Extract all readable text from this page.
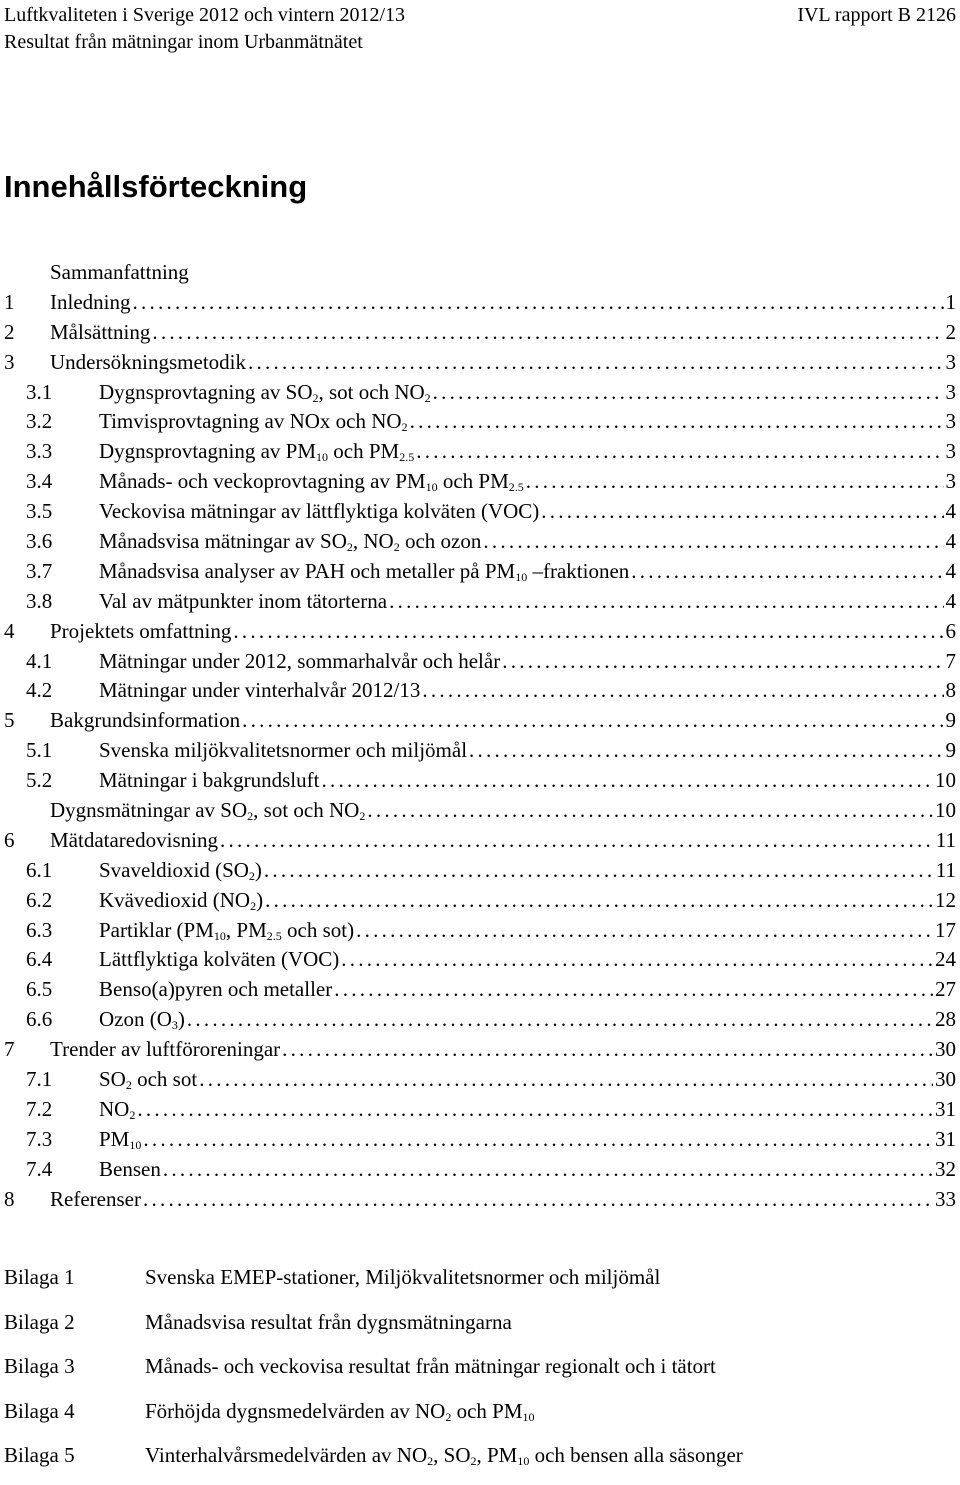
Luftkvaliteten i Sverige 2012 och vintern 2012/13	IVL rapport B 2126
Resultat från mätningar inom Urbanmätnätet
Innehållsförteckning
Sammanfattning
1 Inledning . . .	1
2 Målsättning . . .	2
3 Undersökningsmetodik . . .	3
3.1 Dygnsprovtagning av $SO_2$, sot och $NO_2$ . . .	3
3.2 Timvisprovtagning av NOx och $NO_2$ . . .	3
3.3 Dygnsprovtagning av $PM_{10}$ och $PM_{2.5}$ . . .	3
3.4 Månads- och veckoprovtagning av $PM_{10}$ och $PM_{2.5}$ . . .	3
3.5 Veckovisa mätningar av lättflyktiga kolväten (VOC) . . .	4
3.6 Månadsvisa mätningar av $SO_2$, $NO_2$ och ozon . . .	4
3.7 Månadsvisa analyser av PAH och metaller på $PM_{10}$ –fraktionen . . .	4
3.8 Val av mätpunkter inom tätorterna . . .	4
4 Projektets omfattning . . .	6
4.1 Mätningar under 2012, sommarhalvår och helår . . .	7
4.2 Mätningar under vinterhalvår 2012/13 . . .	8
5 Bakgrundsinformation . . .	9
5.1 Svenska miljökvalitetsnormer och miljömål . . .	9
5.2 Mätningar i bakgrundsluft . . .	10
Dygnsmätningar av $SO_2$, sot och $NO_2$ . . .	10
6 Mätdataredovisning . . .	11
6.1 Svaveldioxid $(SO_2)$ . . .	11
6.2 Kvävedioxid $(NO_2)$ . . .	12
6.3 Partiklar ($PM_{10}$, $PM_{2.5}$ och sot) . . .	17
6.4 Lättflyktiga kolväten (VOC) . . .	24
6.5 Benso(a)pyren och metaller . . .	27
6.6 Ozon $(O_3)$ . . .	28
7 Trender av luftföroreningar . . .	30
7.1 $SO_2$ och sot . . .	30
7.2 $NO_2$ . . .	31
7.3 $PM_{10}$ . . .	31
7.4 Bensen . . .	32
8 Referenser . . .	33
Bilaga 1	Svenska EMEP-stationer, Miljökvalitetsnormer och miljömål
Bilaga 2	Månadsvisa resultat från dygnsmätningarna
Bilaga 3	Månads- och veckovisa resultat från mätningar regionalt och i tätort
Bilaga 4	Förhöjda dygnsmedelvärden av $NO_2$ och $PM_{10}$
Bilaga 5	Vinterhalvårsmedelvärden av $NO_2$, $SO_2$, $PM_{10}$ och bensen alla säsonger
